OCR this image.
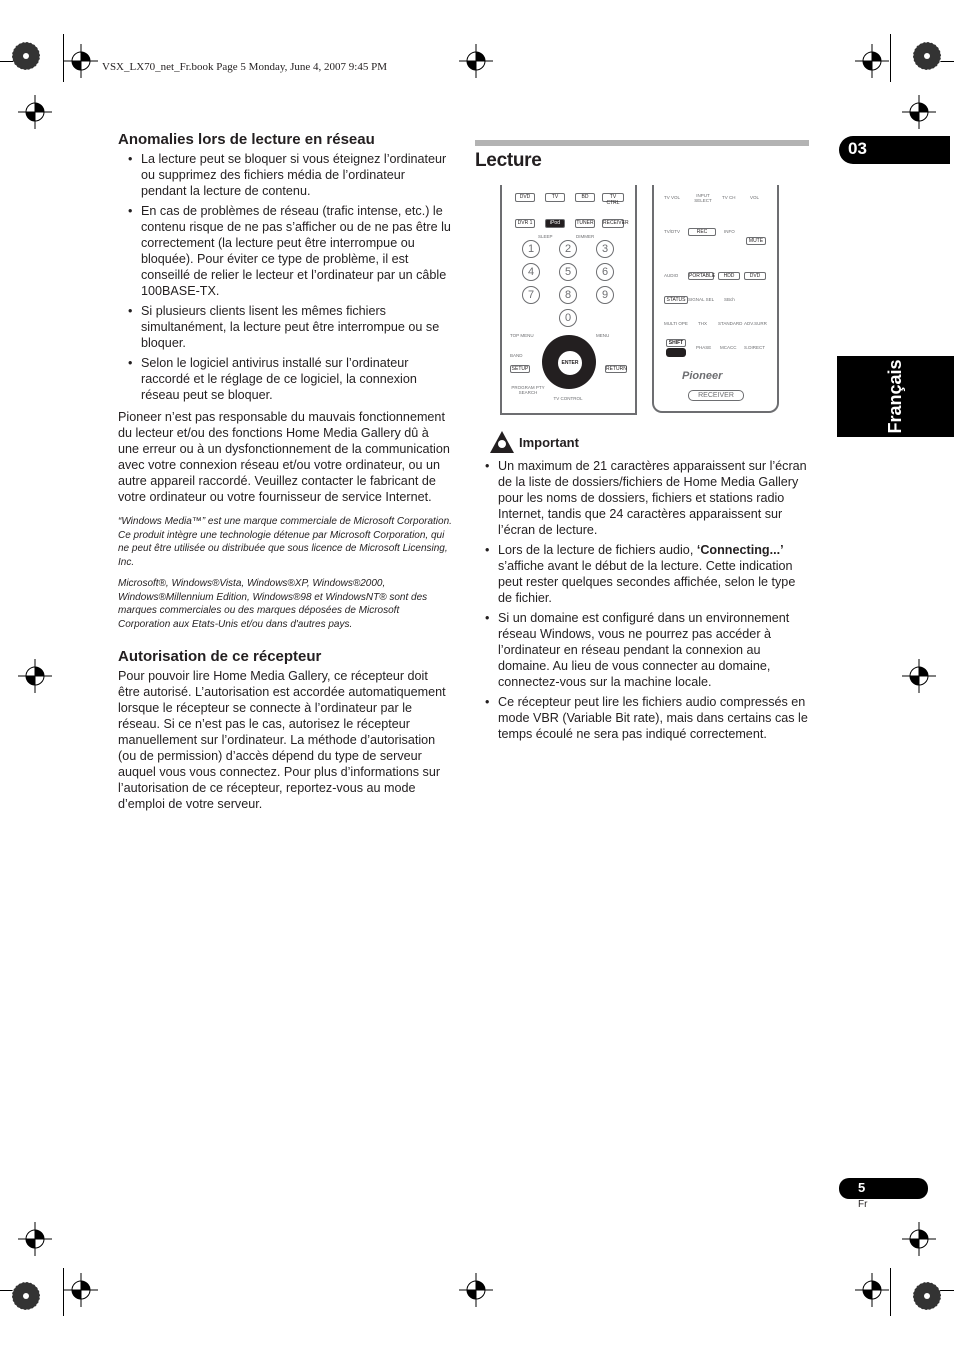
VSX_LX70_net_Fr.book Page 5 Monday, June 4, 2007 9:45 PM
03
Français
Anomalies lors de lecture en réseau
• La lecture peut se bloquer si vous éteignez l’ordinateur ou supprimez des fichiers média de l’ordinateur pendant la lecture de contenu.
• En cas de problèmes de réseau (trafic intense, etc.) le contenu risque de ne pas s’afficher ou de ne pas être lu correctement (la lecture peut être interrompue ou bloquée). Pour éviter ce type de problème, il est conseillé de relier le lecteur et l’ordinateur par un câble 100BASE-TX.
• Si plusieurs clients lisent les mêmes fichiers simultanément, la lecture peut être interrompue ou se bloquer.
• Selon le logiciel antivirus installé sur l’ordinateur raccordé et le réglage de ce logiciel, la connexion réseau peut se bloquer.

Pioneer n’est pas responsable du mauvais fonctionnement du lecteur et/ou des fonctions Home Media Gallery dû à une erreur ou à un dysfonctionnement de la communication avec votre connexion réseau et/ou votre ordinateur, ou un autre appareil raccordé. Veuillez contacter le fabricant de votre ordinateur ou votre fournisseur de service Internet.

“Windows Media™” est une marque commerciale de Microsoft Corporation.

Ce produit intègre une technologie détenue par Microsoft Corporation, qui ne peut être utilisée ou distribuée que sous licence de Microsoft Licensing, Inc.

Microsoft®, Windows®Vista, Windows®XP, Windows®2000, Windows®Millennium Edition, Windows®98 et WindowsNT® sont des marques commerciales ou des marques déposées de Microsoft Corporation aux Etats-Unis et/ou dans d'autres pays.

Autorisation de ce récepteur

Pour pouvoir lire Home Media Gallery, ce récepteur doit être autorisé. L’autorisation est accordée automatiquement lorsque le récepteur se connecte à l’ordinateur par le réseau. Si ce n’est pas le cas, autorisez le récepteur manuellement sur l’ordinateur. La méthode d’autorisation (ou de permission) d’accès dépend du type de serveur auquel vous vous connectez. Pour plus d’informations sur l’autorisation de ce récepteur, reportez-vous au mode d’emploi de votre serveur.

Lecture
DVD	TV	BD	TV CTRL
DVR 1	iPod	TUNER RECEIVER
1	2	3
4	5	6
7	8	9
0
SLEEP	DIMMER
MENU
TOP MENU
BAND
SETUP	RETURN
PROGRAM PTY SEARCH
TV CONTROL
ENTER
TV VOL	INPUT SELECT
TV CH	VOL
TV/DTV	REC	INFO
MUTE
AUDIO PORTABLE	HDD	DVD
STATUS SIGNAL SEL SBch
MULTI OPE THX STANDARD ADV.SURR
SHIFT
PHASE MCACC S.DIRECT
Pioneer
RECEIVER
Important
• Un maximum de 21 caractères apparaissent sur l’écran de la liste de dossiers/fichiers de Home Media Gallery pour les noms de dossiers, fichiers et stations radio Internet, tandis que 24 caractères apparaissent sur l’écran de lecture.
• Lors de la lecture de fichiers audio, ‘Connecting...’ s’affiche avant le début de la lecture. Cette indication peut rester quelques secondes affichée, selon le type de fichier.
• Si un domaine est configuré dans un environnement réseau Windows, vous ne pourrez pas accéder à l’ordinateur en réseau pendant la connexion au domaine. Au lieu de vous connecter au domaine, connectez-vous sur la machine locale.
• Ce récepteur peut lire les fichiers audio compressés en mode VBR (Variable Bit rate), mais dans certains cas le temps écoulé ne sera pas indiqué correctement.
5
Fr
